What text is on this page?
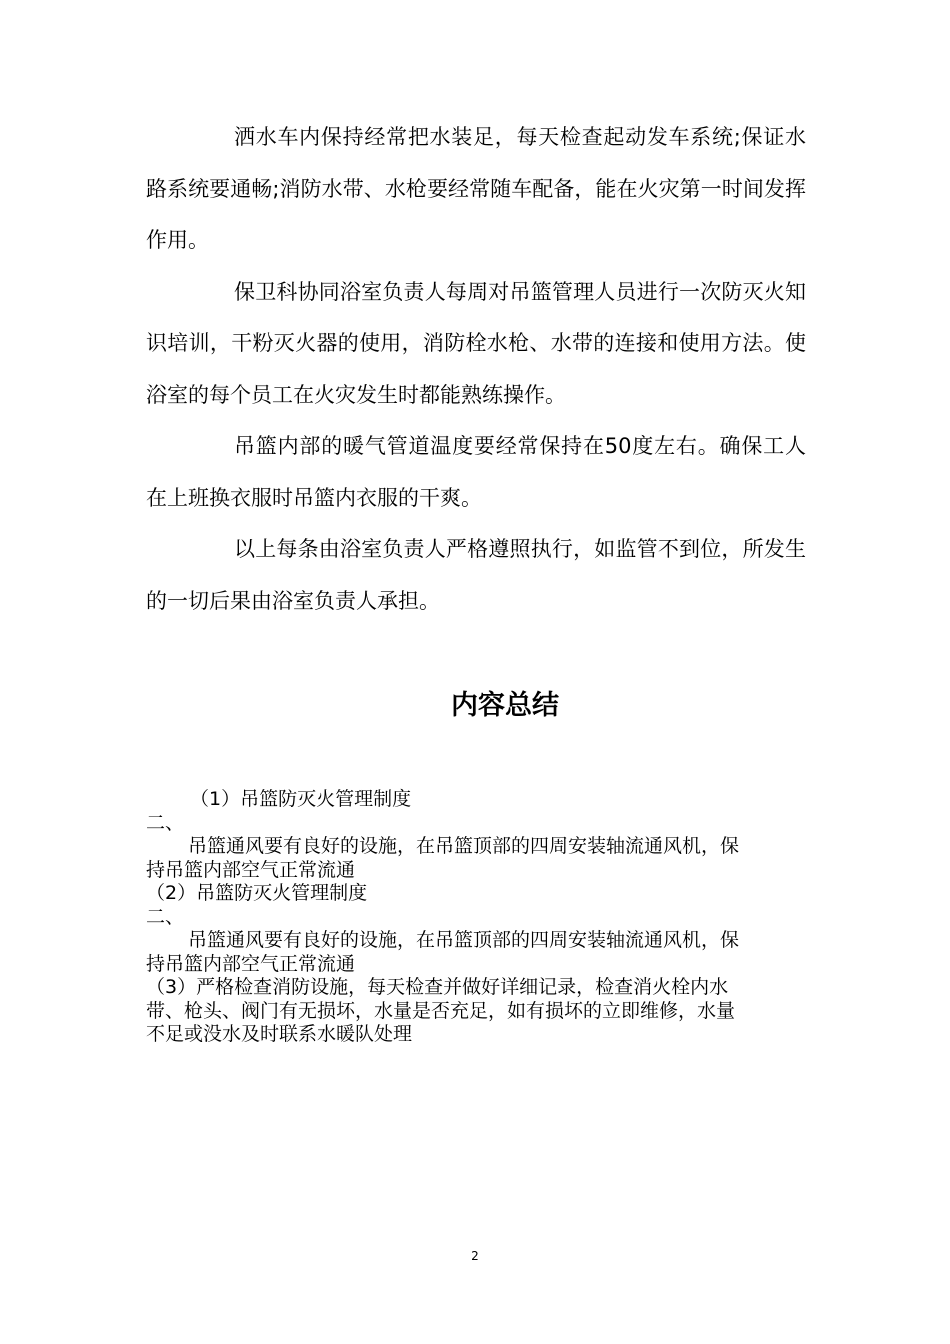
洒水车内保持经常把水装足，每天检查起动发车系统;保证水路系统要通畅;消防水带、水枪要经常随车配备，能在火灾第一时间发挥作用。

保卫科协同浴室负责人每周对吊篮管理人员进行一次防灭火知识培训，干粉灭火器的使用，消防栓水枪、水带的连接和使用方法。使浴室的每个员工在火灾发生时都能熟练操作。

吊篮内部的暖气管道温度要经常保持在50度左右。确保工人在上班换衣服时吊篮内衣服的干爽。

以上每条由浴室负责人严格遵照执行，如监管不到位，所发生的一切后果由浴室负责人承担。

内容总结

（1）吊篮防灭火管理制度

二、

吊篮通风要有良好的设施，在吊篮顶部的四周安装轴流通风机，保

持吊篮内部空气正常流通

（2）吊篮防灭火管理制度

二、

吊篮通风要有良好的设施，在吊篮顶部的四周安装轴流通风机，保

持吊篮内部空气正常流通

（3）严格检查消防设施，每天检查并做好详细记录，检查消火栓内水

带、枪头、阀门有无损坏，水量是否充足，如有损坏的立即维修，水量

不足或没水及时联系水暖队处理

2
